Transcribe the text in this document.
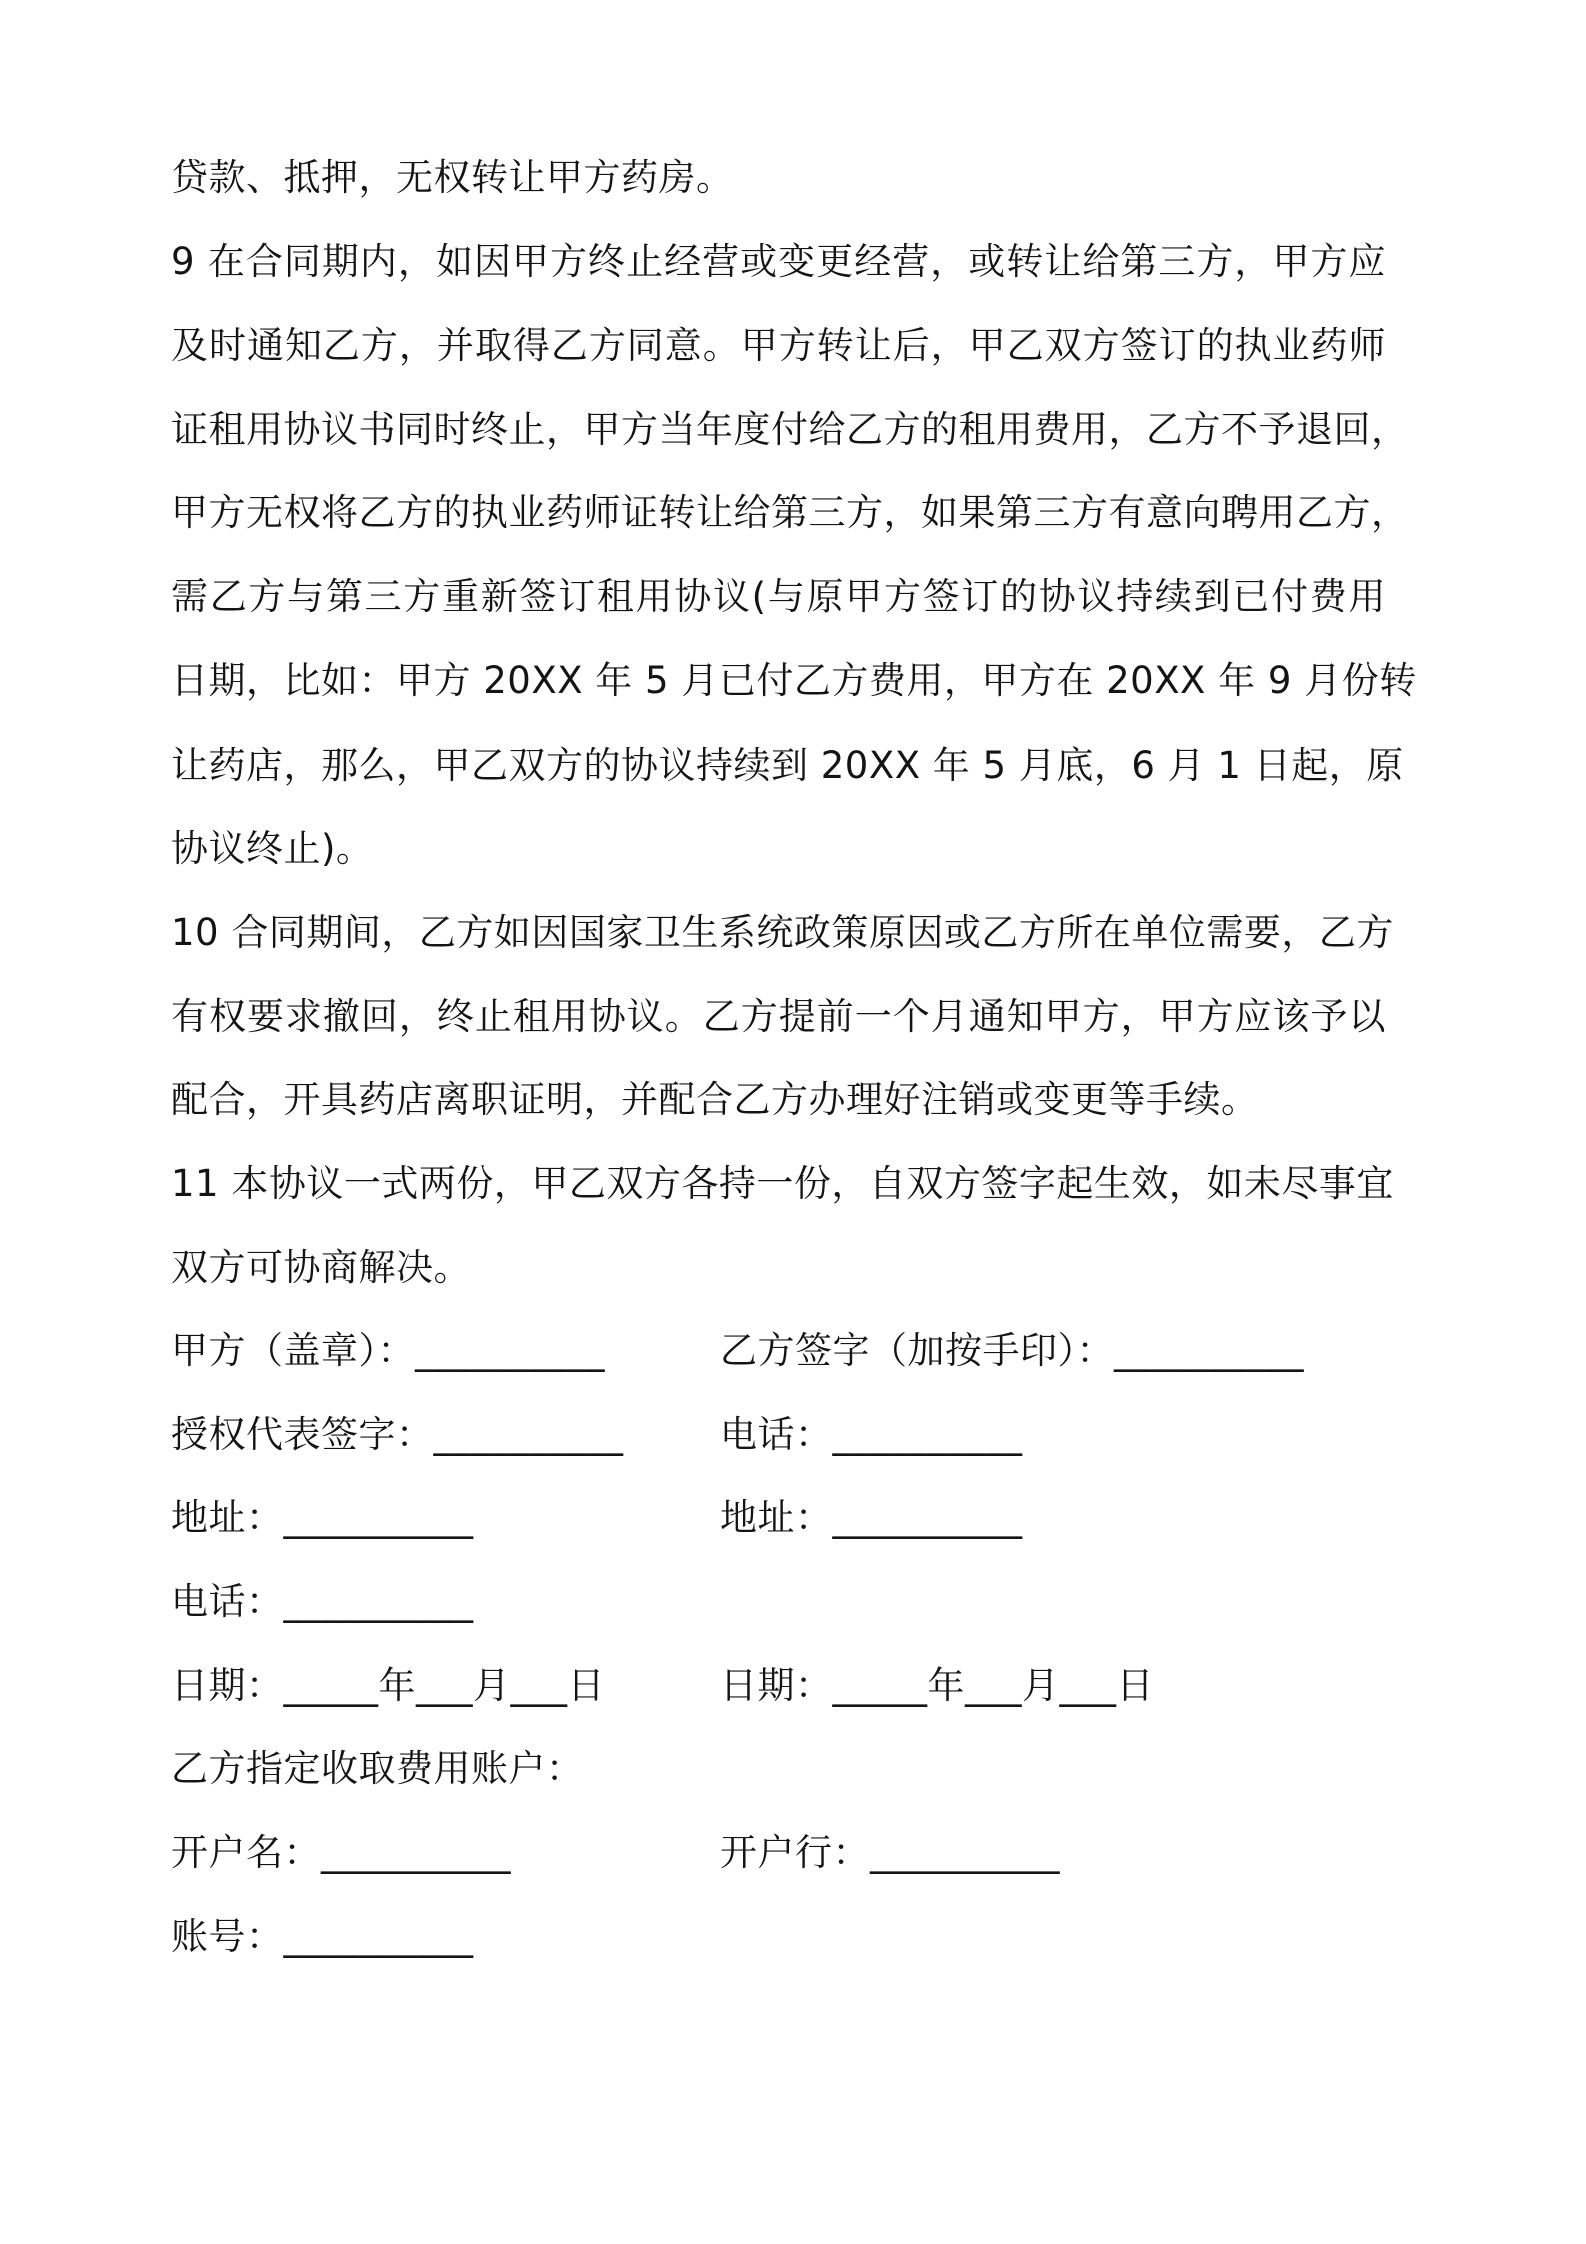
贷款、抵押，无权转让甲方药房。
9 在合同期内，如因甲方终止经营或变更经营，或转让给第三方，甲方应
及时通知乙方，并取得乙方同意。甲方转让后，甲乙双方签订的执业药师
证租用协议书同时终止，甲方当年度付给乙方的租用费用，乙方不予退回，
甲方无权将乙方的执业药师证转让给第三方，如果第三方有意向聘用乙方，
需乙方与第三方重新签订租用协议(与原甲方签订的协议持续到已付费用
日期，比如：甲方 20XX 年 5 月已付乙方费用，甲方在 20XX 年 9 月份转
让药店，那么，甲乙双方的协议持续到 20XX 年 5 月底，6 月 1 日起，原
协议终止)。
10 合同期间，乙方如因国家卫生系统政策原因或乙方所在单位需要，乙方
有权要求撤回，终止租用协议。乙方提前一个月通知甲方，甲方应该予以
配合，开具药店离职证明，并配合乙方办理好注销或变更等手续。
11 本协议一式两份，甲乙双方各持一份，自双方签字起生效，如未尽事宜
双方可协商解决。
甲方（盖章）：__________	乙方签字（加按手印）：__________
授权代表签字：__________	电话：__________
地址：__________	地址：__________
电话：__________
日期：_____年___月___日	日期：_____年___月___日
乙方指定收取费用账户：
开户名：__________	开户行：__________
账号：__________
